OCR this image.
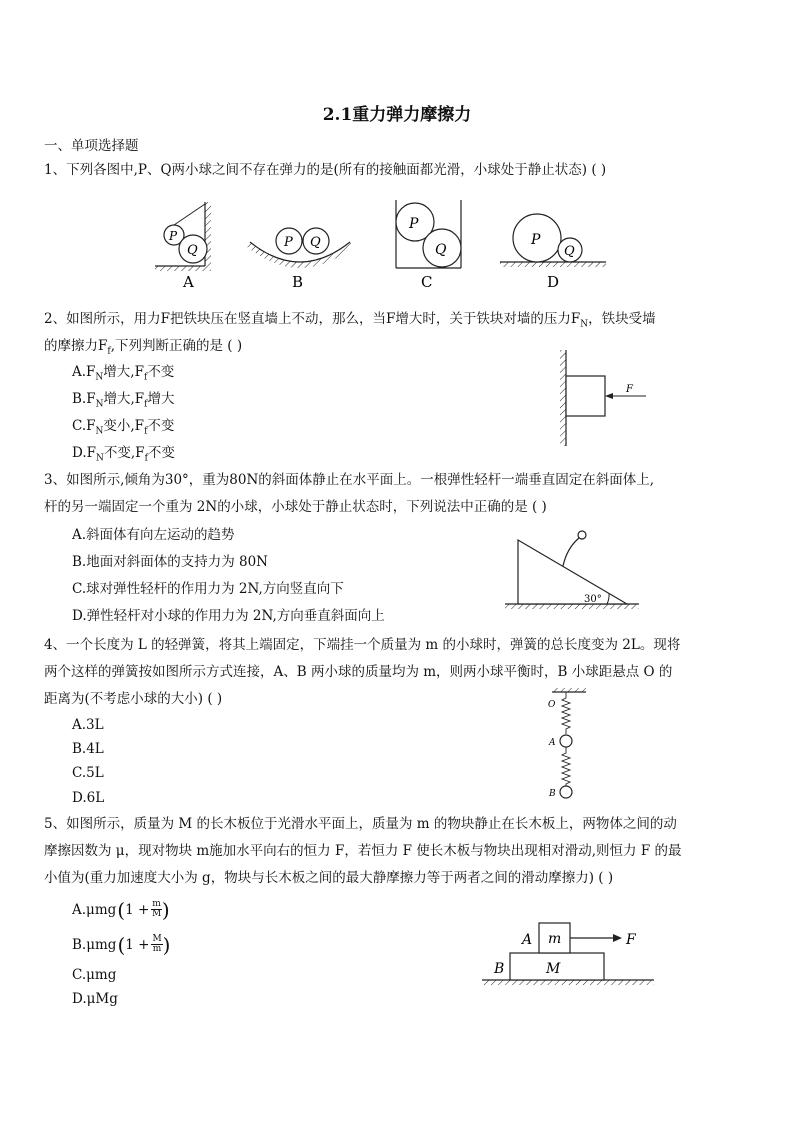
2.1重力弹力摩擦力
一、单项选择题
1、下列各图中,P、Q两小球之间不存在弹力的是(所有的接触面都光滑，小球处于静止状态) ( )
P
Q
A
P Q
B
P
Q
C
P
Q
D
2、如图所示，用力F把铁块压在竖直墙上不动，那么，当F增大时，关于铁块对墙的压力$F_N$，铁块受墙
的摩擦力$F_f$,下列判断正确的是 ( )
$A.F_N$增大$,F_f$不变
$B.F_N$增大$,F_f$增大
$C.F_N$变小$,F_f$不变
$D.F_N$不变$,F_f$不变
F
3、如图所示,倾角为30°，重为80N的斜面体静止在水平面上。一根弹性轻杆一端垂直固定在斜面体上,
杆的另一端固定一个重为 2N的小球，小球处于静止状态时，下列说法中正确的是 ( )
A.斜面体有向左运动的趋势
B.地面对斜面体的支持力为 80N
C.球对弹性轻杆的作用力为 2N,方向竖直向下
D.弹性轻杆对小球的作用力为 2N,方向垂直斜面向上
30°
4、一个长度为 L 的轻弹簧，将其上端固定，下端挂一个质量为 m 的小球时，弹簧的总长度变为 2L。现将
两个这样的弹簧按如图所示方式连接，A、B 两小球的质量均为 m，则两小球平衡时，B 小球距悬点 O 的
距离为(不考虑小球的大小) ( )
A.3L
B.4L
C.5L
D.6L
O
A
B
5、如图所示，质量为 M 的长木板位于光滑水平面上，质量为 m 的物块静止在长木板上，两物体之间的动
摩擦因数为 μ，现对物块 m施加水平向右的恒力 F，若恒力 F 使长木板与物块出现相对滑动,则恒力 F 的最
小值为(重力加速度大小为 g，物块与长木板之间的最大静摩擦力等于两者之间的滑动摩擦力) ( )
A.μmg ( $1 + \frac{m}{M}$ )
B.μmg ( $1 + \frac{M}{m}$ )
C.μmg
D.μMg
m
M
A
B
F
